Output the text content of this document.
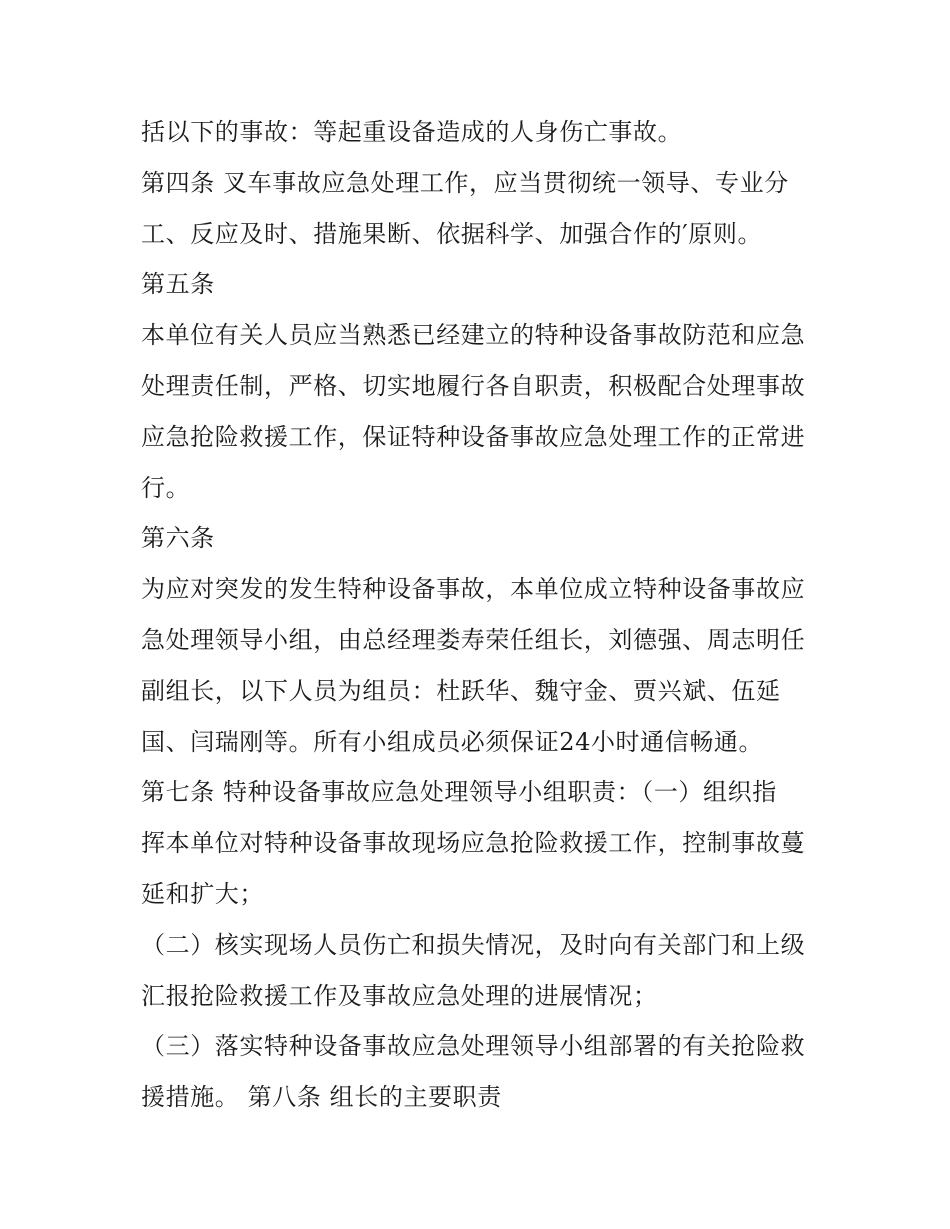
括以下的事故：等起重设备造成的人身伤亡事故。
第四条 叉车事故应急处理工作，应当贯彻统一领导、专业分
工、反应及时、措施果断、依据科学、加强合作的′原则。
第五条
本单位有关人员应当熟悉已经建立的特种设备事故防范和应急
处理责任制，严格、切实地履行各自职责，积极配合处理事故
应急抢险救援工作，保证特种设备事故应急处理工作的正常进
行。
第六条
为应对突发的发生特种设备事故，本单位成立特种设备事故应
急处理领导小组，由总经理娄寿荣任组长，刘德强、周志明任
副组长，以下人员为组员：杜跃华、魏守金、贾兴斌、伍延
国、闫瑞刚等。所有小组成员必须保证24小时通信畅通。
第七条 特种设备事故应急处理领导小组职责：（一）组织指
挥本单位对特种设备事故现场应急抢险救援工作，控制事故蔓
延和扩大；
（二）核实现场人员伤亡和损失情况，及时向有关部门和上级
汇报抢险救援工作及事故应急处理的进展情况；
（三）落实特种设备事故应急处理领导小组部署的有关抢险救
援措施。 第八条 组长的主要职责
